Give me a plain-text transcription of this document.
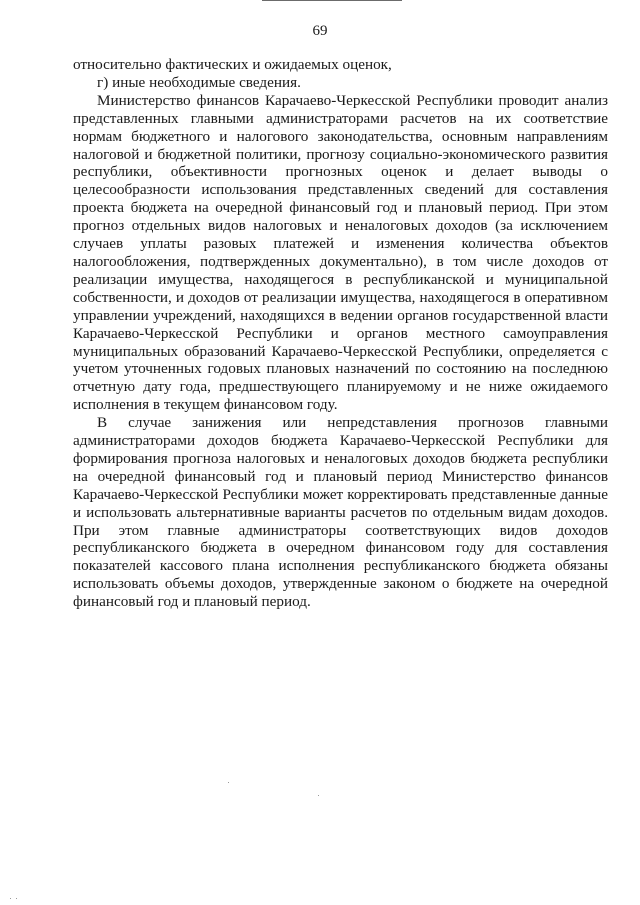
69

относительно фактических и ожидаемых оценок,

г) иные необходимые сведения.

Министерство финансов Карачаево-Черкесской Республики проводит анализ представленных главными администраторами расчетов на их соответствие нормам бюджетного и налогового законодательства, основным направлениям налоговой и бюджетной политики, прогнозу социально-экономического развития республики, объективности прогнозных оценок и делает выводы о целесообразности использования представленных сведений для составления проекта бюджета на очередной финансовый год и плановый период. При этом прогноз отдельных видов налоговых и неналоговых доходов (за исключением случаев уплаты разовых платежей и изменения количества объектов налогообложения, подтвержденных документально), в том числе доходов от реализации имущества, находящегося в республиканской и муниципальной собственности, и доходов от реализации имущества, находящегося в оперативном управлении учреждений, находящихся в ведении органов государственной власти Карачаево-Черкесской Республики и органов местного самоуправления муниципальных образований Карачаево-Черкесской Республики, определяется с учетом уточненных годовых плановых назначений по состоянию на последнюю отчетную дату года, предшествующего планируемому и не ниже ожидаемого исполнения в текущем финансовом году.

В случае занижения или непредставления прогнозов главными администраторами доходов бюджета Карачаево-Черкесской Республики для формирования прогноза налоговых и неналоговых доходов бюджета республики на очередной финансовый год и плановый период Министерство финансов Карачаево-Черкесской Республики может корректировать представленные данные и использовать альтернативные варианты расчетов по отдельным видам доходов. При этом главные администраторы соответствующих видов доходов республиканского бюджета в очередном финансовом году для составления показателей кассового плана исполнения республиканского бюджета обязаны использовать объемы доходов, утвержденные законом о бюджете на очередной финансовый год и плановый период.
